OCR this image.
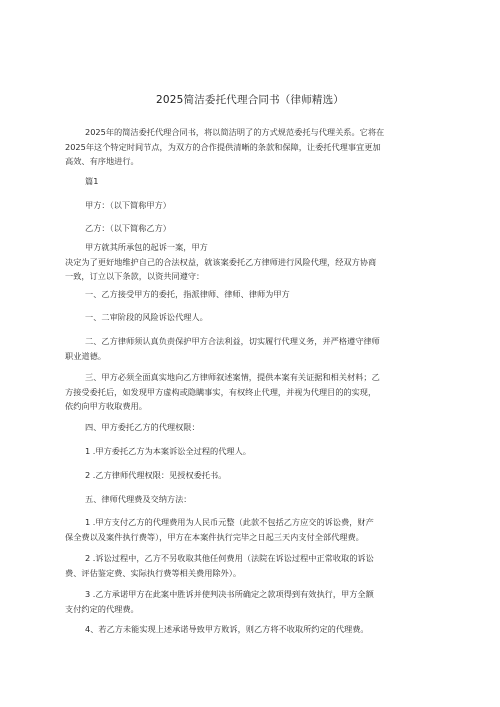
2025简洁委托代理合同书（律师精选）

2025年的简洁委托代理合同书，将以简洁明了的方式规范委托与代理关系。它将在
2025年这个特定时间节点，为双方的合作提供清晰的条款和保障，让委托代理事宜更加
高效、有序地进行。

篇1

甲方：（以下简称甲方）

乙方：（以下简称乙方）

甲方就其所承包的起诉一案，甲方
决定为了更好地维护自己的合法权益，就该案委托乙方律师进行风险代理，经双方协商
一致，订立以下条款，以资共同遵守：

一、乙方接受甲方的委托，指派律师、律师、律师为甲方

一、二审阶段的风险诉讼代理人。

二、乙方律师须认真负责保护甲方合法利益，切实履行代理义务，并严格遵守律师
职业道德。

三、甲方必须全面真实地向乙方律师叙述案情，提供本案有关证据和相关材料；乙
方接受委托后，如发现甲方虚构或隐瞒事实，有权终止代理，并视为代理目的的实现，
依约向甲方收取费用。

四、甲方委托乙方的代理权限：

1 .甲方委托乙方为本案诉讼全过程的代理人。

2 .乙方律师代理权限：见授权委托书。

五、律师代理费及交纳方法：

1 .甲方支付乙方的代理费用为人民币元整（此款不包括乙方应交的诉讼费，财产
保全费以及案件执行费等），甲方在本案件执行完毕之日起三天内支付全部代理费。

2 .诉讼过程中，乙方不另收取其他任何费用（法院在诉讼过程中正常收取的诉讼
费、评估鉴定费、实际执行费等相关费用除外）。

3 .乙方承诺甲方在此案中胜诉并使判决书所确定之款项得到有效执行，甲方全额
支付约定的代理费。

4、若乙方未能实现上述承诺导致甲方败诉，则乙方将不收取所约定的代理费。
